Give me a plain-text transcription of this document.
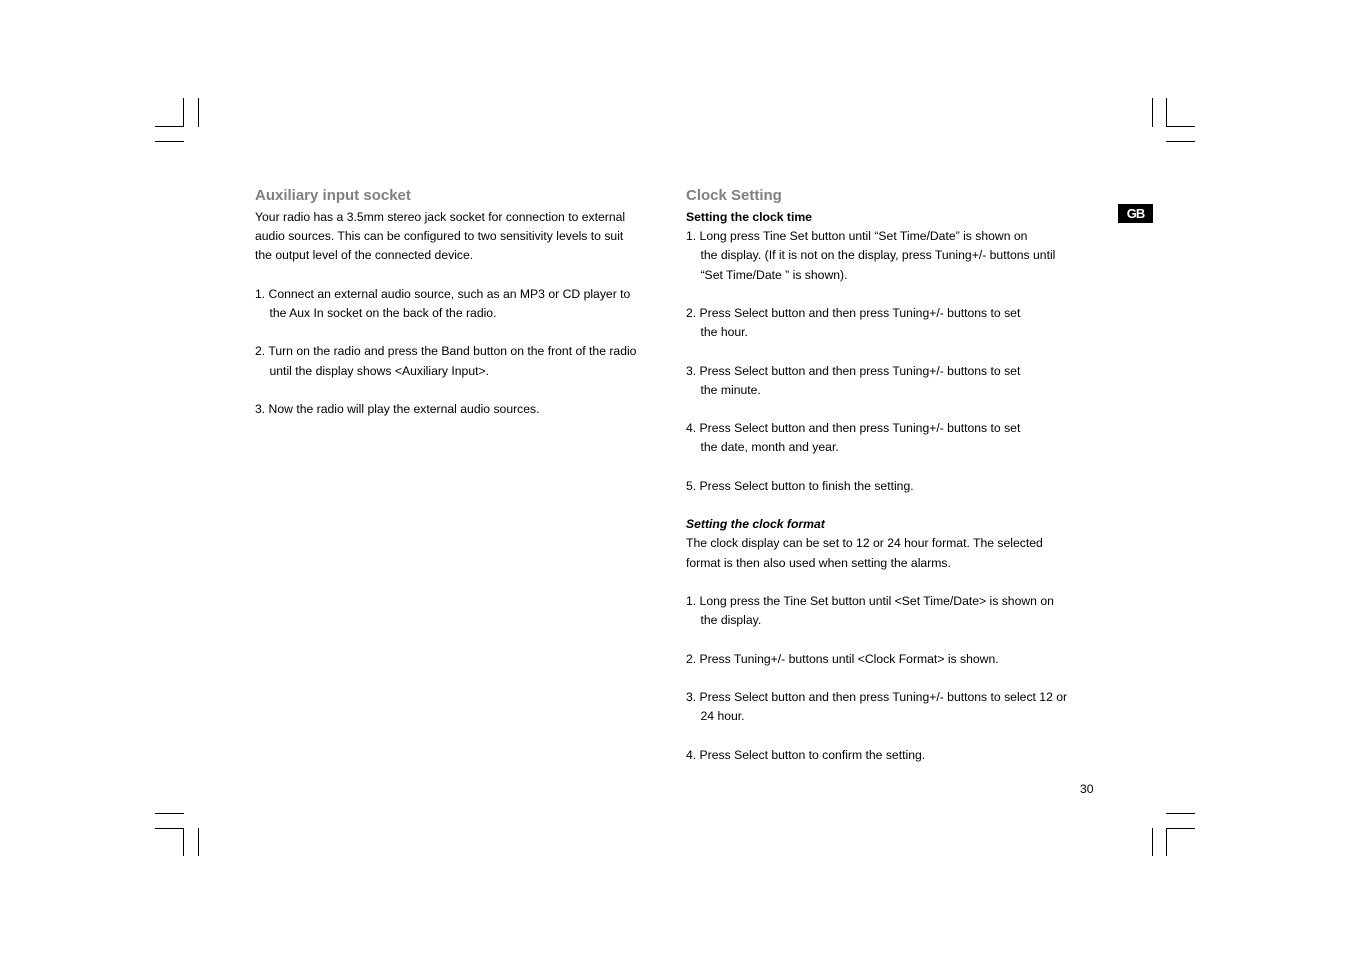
Auxiliary input socket

Your radio has a 3.5mm stereo jack socket for connection to external
audio sources. This can be configured to two sensitivity levels to suit
the output level of the connected device.

1. Connect an external audio source, such as an MP3 or CD player to
the Aux In socket on the back of the radio.
2. Turn on the radio and press the Band button on the front of the radio
until the display shows <Auxiliary Input>.
3. Now the radio will play the external audio sources.
Clock Setting

Setting the clock time

1. Long press Tine Set button until “Set Time/Date” is shown on
the display. (If it is not on the display, press Tuning+/- buttons until
“Set Time/Date ” is shown).
2. Press Select button and then press Tuning+/- buttons to set
the hour.
3. Press Select button and then press Tuning+/- buttons to set
the minute.
4. Press Select button and then press Tuning+/- buttons to set
the date, month and year.
5. Press Select button to finish the setting.

Setting the clock format

The clock display can be set to 12 or 24 hour format. The selected
format is then also used when setting the alarms.

1. Long press the Tine Set button until <Set Time/Date> is shown on
the display.
2. Press Tuning+/- buttons until <Clock Format> is shown.
3. Press Select button and then press Tuning+/- buttons to select 12 or
24 hour.
4. Press Select button to confirm the setting.
GB
30
